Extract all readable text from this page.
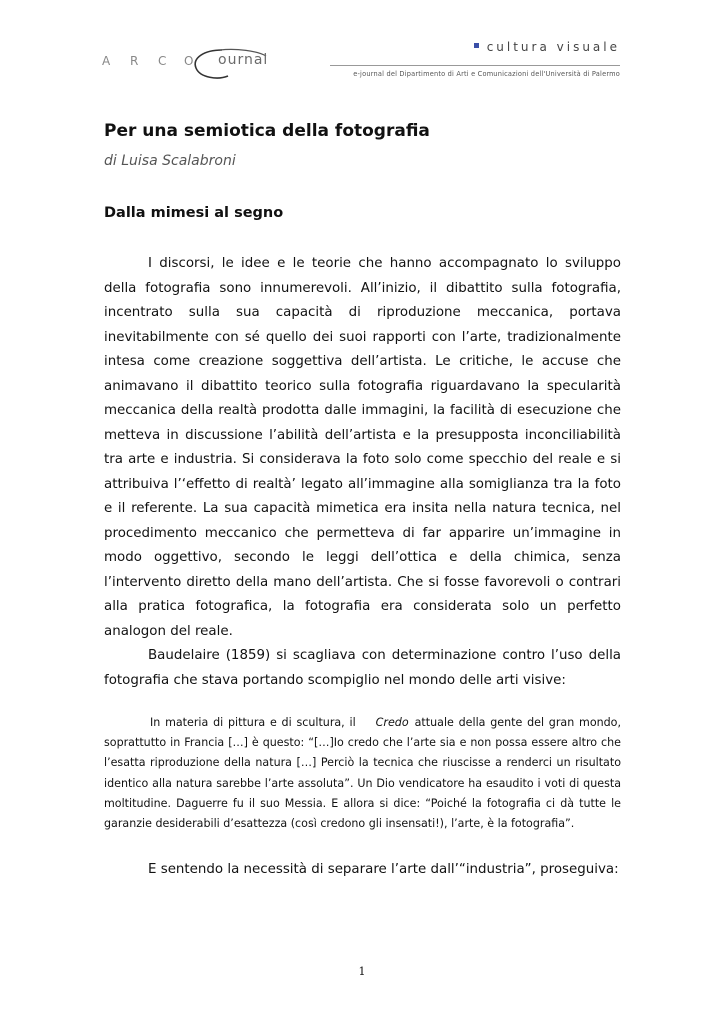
A R C O ournal
cultura visuale
e-journal del Dipartimento di Arti e Comunicazioni dell'Università di Palermo
Per una semiotica della fotografia
di Luisa Scalabroni
Dalla mimesi al segno

I discorsi, le idee e le teorie che hanno accompagnato lo sviluppo della fotografia sono innumerevoli. All’inizio, il dibattito sulla fotografia, incentrato sulla sua capacità di riproduzione meccanica, portava inevitabilmente con sé quello dei suoi rapporti con l’arte, tradizionalmente intesa come creazione soggettiva dell’artista. Le critiche, le accuse che animavano il dibattito teorico sulla fotografia riguardavano la specularità meccanica della realtà prodotta dalle immagini, la facilità di esecuzione che metteva in discussione l’abilità dell’artista e la presupposta inconciliabilità tra arte e industria. Si considerava la foto solo come specchio del reale e si attribuiva l’‘effetto di realtà’ legato all’immagine alla somiglianza tra la foto e il referente. La sua capacità mimetica era insita nella natura tecnica, nel procedimento meccanico che permetteva di far apparire un’immagine in modo oggettivo, secondo le leggi dell’ottica e della chimica, senza l’intervento diretto della mano dell’artista. Che si fosse favorevoli o contrari alla pratica fotografica, la fotografia era considerata solo un perfetto analogon del reale.

Baudelaire (1859) si scagliava con determinazione contro l’uso della fotografia che stava portando scompiglio nel mondo delle arti visive:

In materia di pittura e di scultura, il Credo attuale della gente del gran mondo, soprattutto in Francia […] è questo: “[…]Io credo che l’arte sia e non possa essere altro che l’esatta riproduzione della natura […] Perciò la tecnica che riuscisse a renderci un risultato identico alla natura sarebbe l’arte assoluta”. Un Dio vendicatore ha esaudito i voti di questa moltitudine. Daguerre fu il suo Messia. E allora si dice: “Poiché la fotografia ci dà tutte le garanzie desiderabili d’esattezza (così credono gli insensati!), l’arte, è la fotografia”.

E sentendo la necessità di separare l’arte dall’“industria”, proseguiva:

1
